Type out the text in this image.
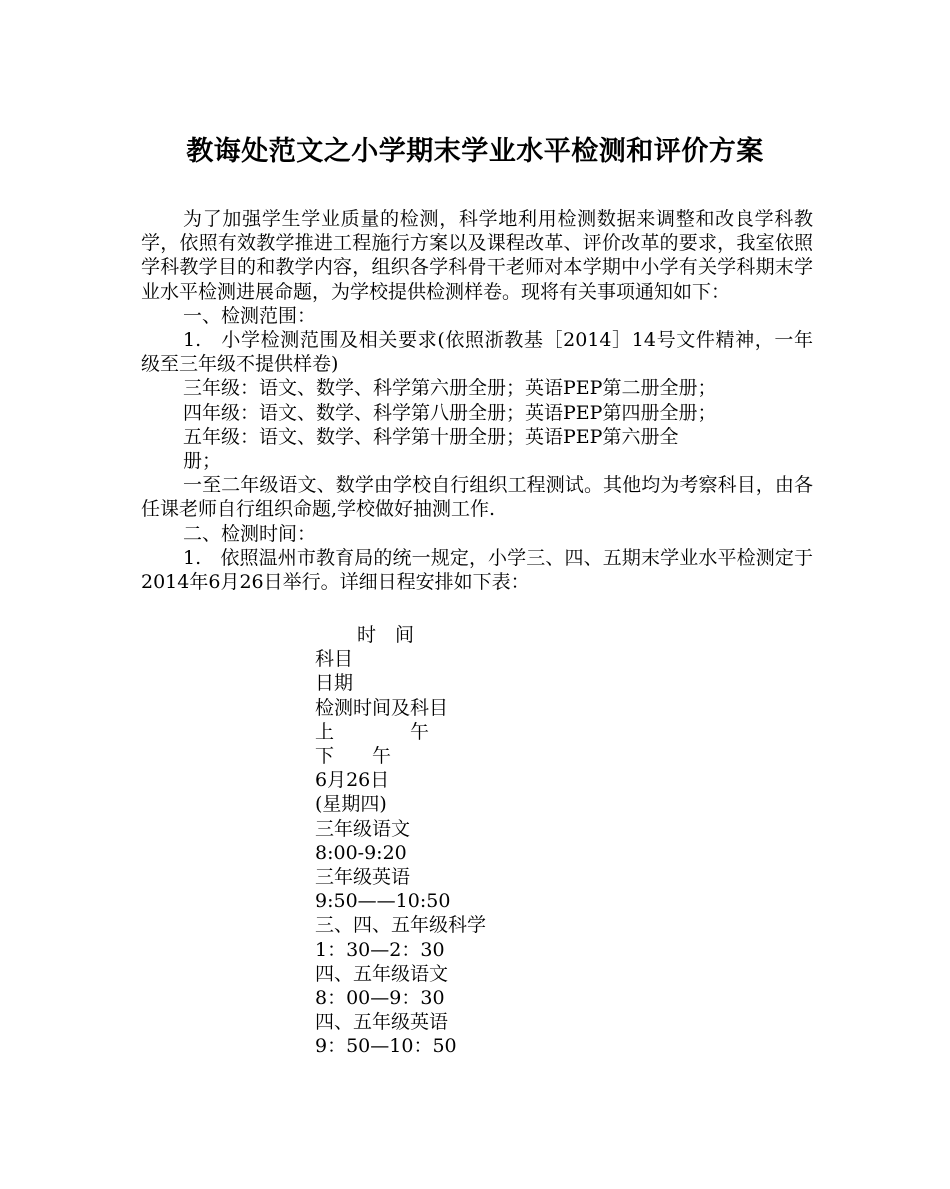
教诲处范文之小学期末学业水平检测和评价方案

为了加强学生学业质量的检测，科学地利用检测数据来调整和改良学科教学，依照有效教学推进工程施行方案以及课程改革、评价改革的要求，我室依照学科教学目的和教学内容，组织各学科骨干老师对本学期中小学有关学科期末学业水平检测进展命题，为学校提供检测样卷。现将有关事项通知如下：

一、检测范围：

1.　小学检测范围及相关要求(依照浙教基［2014］14号文件精神，一年级至三年级不提供样卷)

三年级：语文、数学、科学第六册全册；英语PEP第二册全册；

四年级：语文、数学、科学第八册全册；英语PEP第四册全册；

五年级：语文、数学、科学第十册全册；英语PEP第六册全

册；

一至二年级语文、数学由学校自行组织工程测试。其他均为考察科目，由各任课老师自行组织命题,学校做好抽测工作.

二、检测时间：

1.　依照温州市教育局的统一规定，小学三、四、五期末学业水平检测定于2014年6月26日举行。详细日程安排如下表：

时　间

科目

日期

检测时间及科目

上　　　　午

下　　午

6月26日

(星期四)

三年级语文

8:00-9:20

三年级英语

9:50——10:50

三、四、五年级科学

1：30—2：30

四、五年级语文

8：00—9：30

四、五年级英语

9：50—10：50
